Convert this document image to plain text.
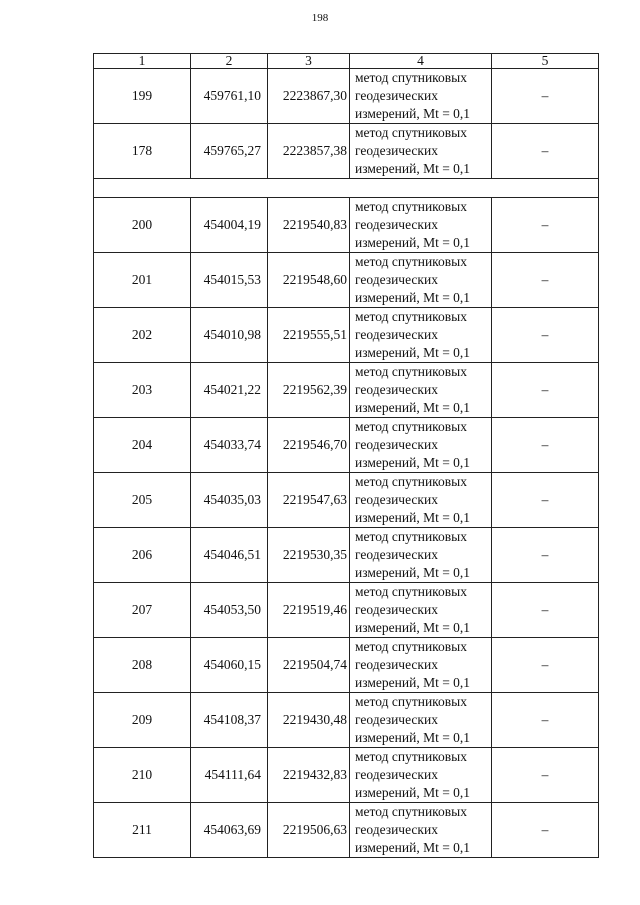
198
1	2	3	4	5
199	459761,10	2223867,30	метод спутниковых
геодезических
измерений, Mt = 0,1	–
178	459765,27	2223857,38	метод спутниковых
геодезических
измерений, Mt = 0,1	–

200	454004,19	2219540,83	метод спутниковых
геодезических
измерений, Mt = 0,1	–
201	454015,53	2219548,60	метод спутниковых
геодезических
измерений, Mt = 0,1	–
202	454010,98	2219555,51	метод спутниковых
геодезических
измерений, Mt = 0,1	–
203	454021,22	2219562,39	метод спутниковых
геодезических
измерений, Mt = 0,1	–
204	454033,74	2219546,70	метод спутниковых
геодезических
измерений, Mt = 0,1	–
205	454035,03	2219547,63	метод спутниковых
геодезических
измерений, Mt = 0,1	–
206	454046,51	2219530,35	метод спутниковых
геодезических
измерений, Mt = 0,1	–
207	454053,50	2219519,46	метод спутниковых
геодезических
измерений, Mt = 0,1	–
208	454060,15	2219504,74	метод спутниковых
геодезических
измерений, Mt = 0,1	–
209	454108,37	2219430,48	метод спутниковых
геодезических
измерений, Mt = 0,1	–
210	454111,64	2219432,83	метод спутниковых
геодезических
измерений, Mt = 0,1	–
211	454063,69	2219506,63	метод спутниковых
геодезических
измерений, Mt = 0,1	–
